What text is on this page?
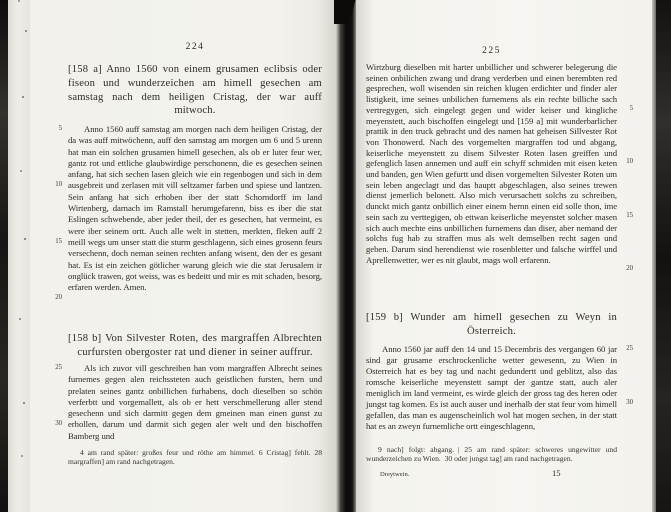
224
[158 a] Anno 1560 von einem grusamen eclibsis oder fiseon und wunderzeichen am himell gesechen am samstag nach dem heiligen Cristag, der war auff mitwoch.
Anno 1560 auff samstag am morgen nach dem heiligen Cristag, der da was auff mitwöchenn, auff den samstag am morgen um 6 und 5 urenn hat man ein solchen grusamen himell gesechen, als ob er luter feur wer, gantz rot und ettliche glaubwirdige perschonenn, die es gesechen seinen anfang, hat sich sechen lasen gleich wie ein regenbogen und sich in dem ausgebreit und zerlasen mit vill seltzamer farben und spiese und lantzen. Sein anfang hat sich erhoben iber der statt Schorndorff im land Wirtenberg, darnach im Ramstall herumgefarenn, biss es iber die stat Eslingen schwebende, aber jeder theil, der es gesechen, hat vermeint, es were iber seinem ortt. Auch alle welt in stetten, merkten, fleken auff 2 meill wegs um unser statt die sturm geschlagenn, sich eines grosenn feurs versechenn, doch neman seinen rechten anfang wisent, den der es gesant hat. Es ist ein zeichen götlicher warung gleich wie die stat Jerusalem ir onglück trawen, got weiss, was es bedeitt und mir es mit schaden, besorg, erfaren werden. Amen.
[158 b] Von Silvester Roten, des margraffen Albrechten curfursten obergoster rat und diener in seiner auffrur.
Als ich zuvor vill geschreiben han vom margraffen Albrecht seines furnemes gegen alen reichssteten auch geistlichen fursten, hern und prelaten seines gantz onbillichen furhabens, doch dieselben so schön verferbtt und vorgemallett, als ob er hett verschmellerung aller stend gesechenn und sich darmitt gegen dem gmeinen man einen gunst zu erhollen, darum und darmit sich gegen aler welt und den bischoffen Bamberg und
4 am rand später: großes feur und röthe am himmel. 6 Cristag] fehlt. 28 margraffen] am rand nachgetragen.
5
10
15
20
25
30
225
Wirtzburg dieselben mit harter unbillicher und schwerer belegerung die seinen onbilichen zwang und drang verderben und einen berembten red gesprechen, woll wisenden sin reichen klugen erdichter und finder aler listigkeit, ime seines unbilichen furnemens als ein rechte billiche sach vertregygen, sich eingelegt gegen und wider keiser und kingliche meyenstett, auch bischoffen eingelegt und [159 a] mit wunderbarlicher prattik in den truck gebracht und des namen hat geheisen Sillvester Rot von Thonowerd. Nach des vorgemelten margraffen tod und abgang, keiserliche meyenstett zu disem Silvester Roten lasen greiffen und gefenglich lasen annemen und auff ein schyff schmiden mit eisen keten und banden, gen Wien gefurtt und disen vorgemelten Silvester Roten um sein leben angeclagt und das hauptt abgeschlagen, also seines trewen dienst jemerlich belonett. Also mich verursachett solchs zu schreiben, dunckt mich gantz onbillich einer einem hernn einen eid solle thon, ime sein sach zu verttegigen, ob ettwan keiserliche meyenstet solcher masen sich auch mechte eins unbillichen furnemens dan diser, aber nemand der solchs fug hab zu straffen mus als welt demselben recht sagen und geben. Darum sind herendienst wie rosenbletter und falsche wirffel und Aprellenwetter, wer es nit glaubt, mags woll erfarenn.
[159 b] Wunder am himell gesechen zu Weyn in Österreich.
Anno 1560 jar auff den 14 und 15 Decembris des vergangen 60 jar sind gar grusame erschrockenliche wetter gewesenn, zu Wien in Osterreich hat es bey tag und nacht gedundertt und geblitzt, also das romsche keiserliche meyenstett sampt der gantze statt, auch aler meniglich im land vermeint, es wirde gleich der gross tag des heren oder jungst tag komen. Es ist auch auser und inerhalb der stat feur vom himell gefallen, das man es augenscheinlich wol hat mogen sechen, in der statt hat es an zweyn furnemliche ortt eingeschlagenn,
9 nach] folgt: abgang. | 25 am rand später: schweres ungewitter und wunderzeichen zu Wien. 30 oder jungst tag] am rand nachgetragen.
5
10
15
20
25
30
Dreytwein.	15
